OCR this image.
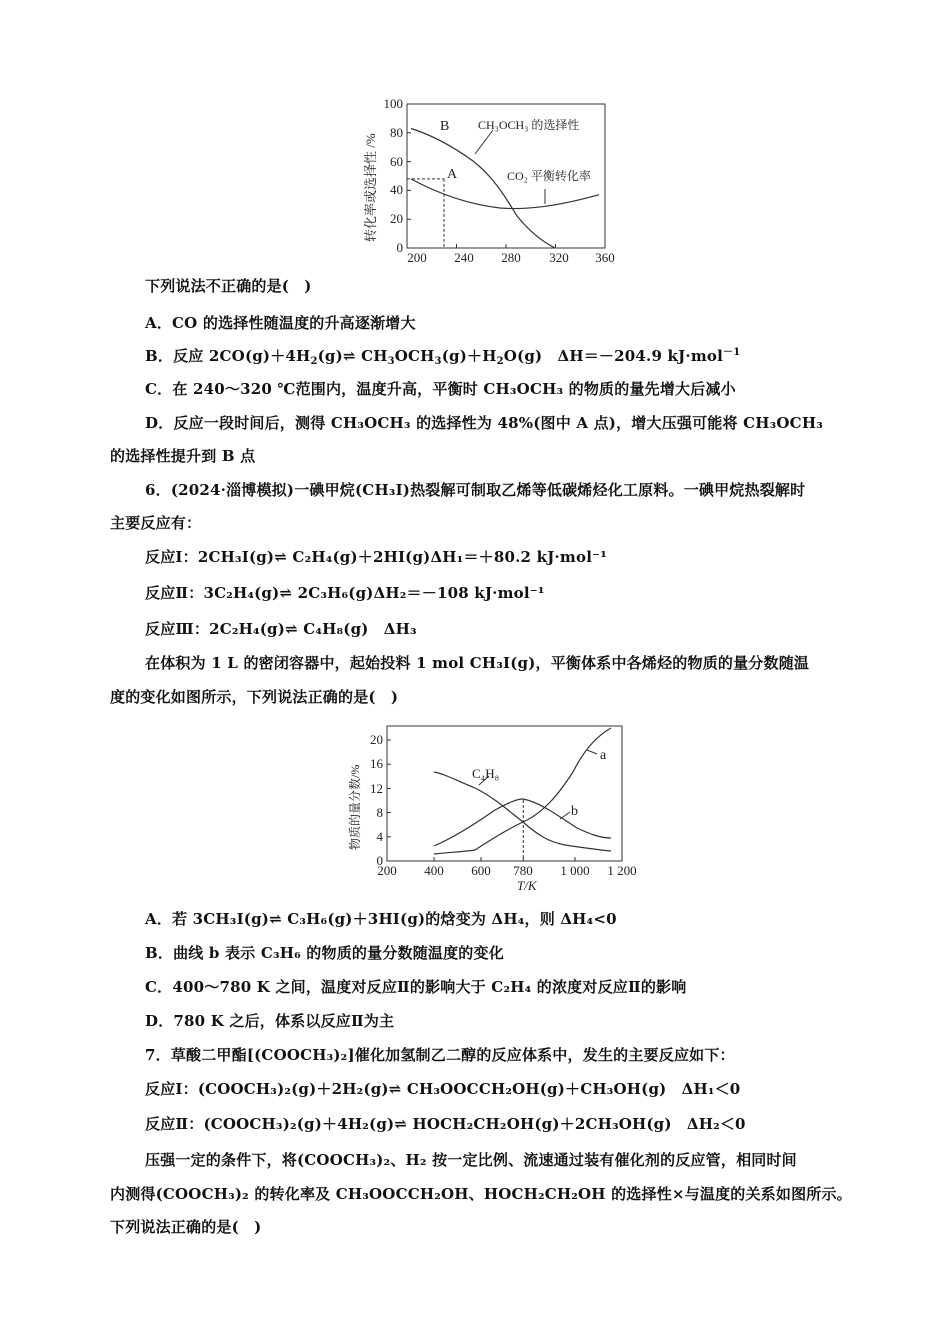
0
20
40
60
80
100
200 240 280 320 360
转化率或选择性 /%
B
A
CH₃OCH₃ 的选择性
CO₂ 平衡转化率
下列说法不正确的是(　)
A．CO 的选择性随温度的升高逐渐增大
B．反应 $2CO(g)+4H_2(g)\rightleftharpoons$ $CH_3OCH_3(g)+H_2O(g)$　ΔH＝－204.9 kJ·mol$^{-1}$
C．在 240～320 ℃范围内，温度升高，平衡时 CH₃OCH₃ 的物质的量先增大后减小
D．反应一段时间后，测得 CH₃OCH₃ 的选择性为 48%(图中 A 点)，增大压强可能将 CH₃OCH₃
的选择性提升到 B 点
6．(2024·淄博模拟)一碘甲烷(CH₃I)热裂解可制取乙烯等低碳烯烃化工原料。一碘甲烷热裂解时
主要反应有：
反应Ⅰ：2CH₃I(g)⇌ C₂H₄(g)＋2HI(g)ΔH₁＝＋80.2 kJ·mol⁻¹
反应Ⅱ：3C₂H₄(g)⇌ 2C₃H₆(g)ΔH₂＝－108 kJ·mol⁻¹
反应Ⅲ：2C₂H₄(g)⇌ C₄H₈(g)　ΔH₃
在体积为 1 L 的密闭容器中，起始投料 1 mol CH₃I(g)，平衡体系中各烯烃的物质的量分数随温
度的变化如图所示，下列说法正确的是(　)
0
4
8
12
16
20
200 400 600 780 1 000 1 200
T/K
物质的量分数/%	C₄H₈
a
b
A．若 3CH₃I(g)⇌ C₃H₆(g)＋3HI(g)的焓变为 ΔH₄，则 ΔH₄<0
B．曲线 b 表示 C₃H₆ 的物质的量分数随温度的变化
C．400～780 K 之间，温度对反应Ⅱ的影响大于 C₂H₄ 的浓度对反应Ⅱ的影响
D．780 K 之后，体系以反应Ⅱ为主
7．草酸二甲酯[(COOCH₃)₂]催化加氢制乙二醇的反应体系中，发生的主要反应如下：
反应Ⅰ：(COOCH₃)₂(g)＋2H₂(g)⇌ CH₃OOCCH₂OH(g)＋CH₃OH(g)　ΔH₁＜0
反应Ⅱ：(COOCH₃)₂(g)＋4H₂(g)⇌ HOCH₂CH₂OH(g)＋2CH₃OH(g)　ΔH₂＜0
压强一定的条件下，将(COOCH₃)₂、H₂ 按一定比例、流速通过装有催化剂的反应管，相同时间
内测得(COOCH₃)₂ 的转化率及 CH₃OOCCH₂OH、HOCH₂CH₂OH 的选择性×与温度的关系如图所示。
下列说法正确的是(　)
